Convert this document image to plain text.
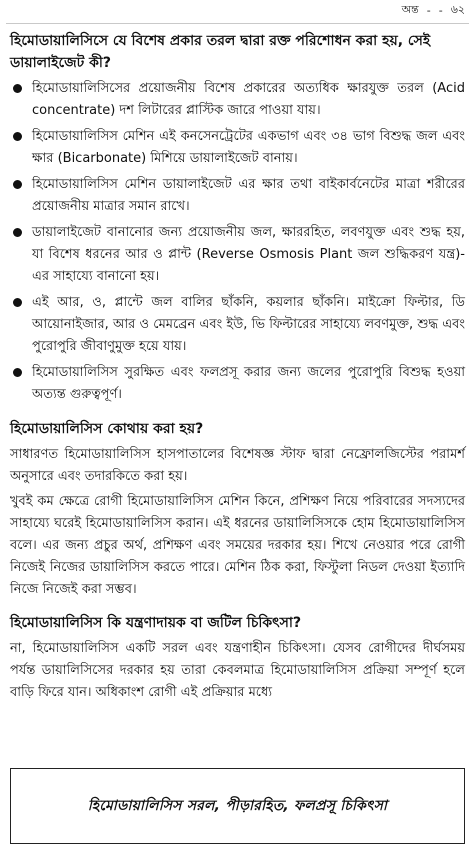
অন্ত - - ৬২

হিমোডায়ালিসিসে যে বিশেষ প্রকার তরল দ্বারা রক্ত পরিশোধন করা হয়, সেই ডায়ালাইজেট কী?

হিমোডায়ালিসিসের প্রয়োজনীয় বিশেষ প্রকারের অত্যধিক ক্ষারযুক্ত তরল (Acid concentrate) দশ লিটারের প্লাস্টিক জারে পাওয়া যায়।
হিমোডায়ালিসিস মেশিন এই কনসেনট্রেটের একভাগ এবং ৩৪ ভাগ বিশুদ্ধ জল এবং ক্ষার (Bicarbonate) মিশিয়ে ডায়ালাইজেট বানায়।
হিমোডায়ালিসিস মেশিন ডায়ালাইজেট এর ক্ষার তথা বাইকার্বনেটের মাত্রা শরীরের প্রয়োজনীয় মাত্রার সমান রাখে।
ডায়ালাইজেট বানানোর জন্য প্রয়োজনীয় জল, ক্ষাররহিত, লবণযুক্ত এবং শুদ্ধ হয়, যা বিশেষ ধরনের আর ও প্লান্ট (Reverse Osmosis Plant জল শুদ্ধিকরণ যন্ত্র)-এর সাহায্যে বানানো হয়।
এই আর, ও, প্লান্টে জল বালির ছাঁকনি, কয়লার ছাঁকনি। মাইক্রো ফিল্টার, ডি আয়োনাইজার, আর ও মেমব্রেন এবং ইউ, ভি ফিল্টারের সাহায্যে লবণমুক্ত, শুদ্ধ এবং পুরোপুরি জীবাণুমুক্ত হয়ে যায়।
হিমোডায়ালিসিস সুরক্ষিত এবং ফলপ্রসূ করার জন্য জলের পুরোপুরি বিশুদ্ধ হওয়া অত্যন্ত গুরুত্বপূর্ণ।

হিমোডায়ালিসিস কোথায় করা হয়?

সাধারণত হিমোডায়ালিসিস হাসপাতালের বিশেষজ্ঞ স্টাফ দ্বারা নেফ্রোলজিস্টের পরামর্শ অনুসারে এবং তদারকিতে করা হয়।

খুবই কম ক্ষেত্রে রোগী হিমোডায়ালিসিস মেশিন কিনে, প্রশিক্ষণ নিয়ে পরিবারের সদস্যদের সাহায্যে ঘরেই হিমোডায়ালিসিস করান। এই ধরনের ডায়ালিসিসকে হোম হিমোডায়ালিসিস বলে। এর জন্য প্রচুর অর্থ, প্রশিক্ষণ এবং সময়ের দরকার হয়। শিখে নেওয়ার পরে রোগী নিজেই নিজের ডায়ালিসিস করতে পারে। মেশিন ঠিক করা, ফিস্টুলা নিডল দেওয়া ইত্যাদি নিজে নিজেই করা সম্ভব।

হিমোডায়ালিসিস কি যন্ত্রণাদায়ক বা জটিল চিকিৎসা?

না, হিমোডায়ালিসিস একটি সরল এবং যন্ত্রণাহীন চিকিৎসা। যেসব রোগীদের দীর্ঘসময় পর্যন্ত ডায়ালিসিসের দরকার হয় তারা কেবলমাত্র হিমোডায়ালিসিস প্রক্রিয়া সম্পূর্ণ হলে বাড়ি ফিরে যান। অধিকাংশ রোগী এই প্রক্রিয়ার মধ্যে

হিমোডায়ালিসিস সরল, পীড়ারহিত, ফলপ্রসূ চিকিৎসা
